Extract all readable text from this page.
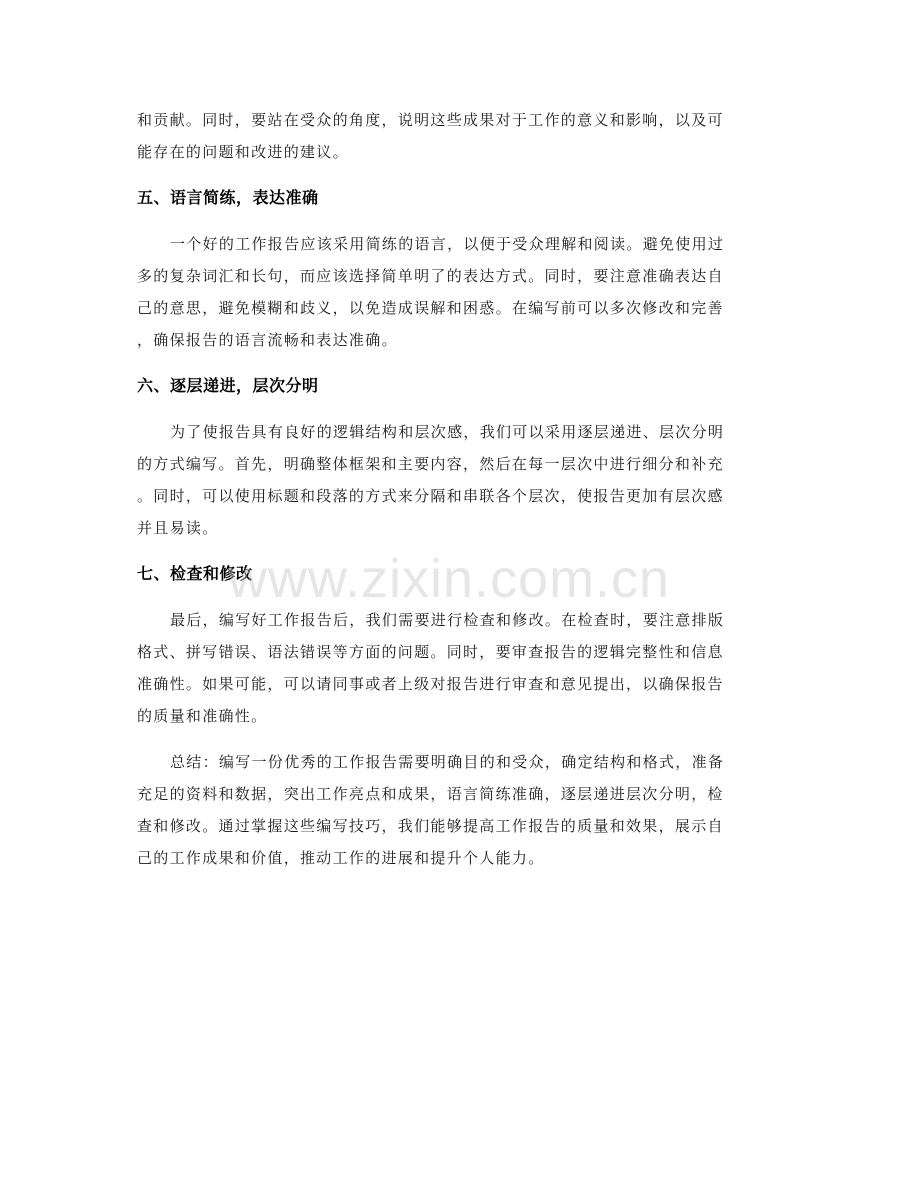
和贡献。同时，要站在受众的角度，说明这些成果对于工作的意义和影响，以及可
能存在的问题和改进的建议。

五、语言简练，表达准确

一个好的工作报告应该采用简练的语言，以便于受众理解和阅读。避免使用过
多的复杂词汇和长句，而应该选择简单明了的表达方式。同时，要注意准确表达自
己的意思，避免模糊和歧义，以免造成误解和困惑。在编写前可以多次修改和完善
，确保报告的语言流畅和表达准确。

六、逐层递进，层次分明

为了使报告具有良好的逻辑结构和层次感，我们可以采用逐层递进、层次分明
的方式编写。首先，明确整体框架和主要内容，然后在每一层次中进行细分和补充
。同时，可以使用标题和段落的方式来分隔和串联各个层次，使报告更加有层次感
并且易读。

七、检查和修改

最后，编写好工作报告后，我们需要进行检查和修改。在检查时，要注意排版
格式、拼写错误、语法错误等方面的问题。同时，要审查报告的逻辑完整性和信息
准确性。如果可能，可以请同事或者上级对报告进行审查和意见提出，以确保报告
的质量和准确性。

总结：编写一份优秀的工作报告需要明确目的和受众，确定结构和格式，准备
充足的资料和数据，突出工作亮点和成果，语言简练准确，逐层递进层次分明，检
查和修改。通过掌握这些编写技巧，我们能够提高工作报告的质量和效果，展示自
己的工作成果和价值，推动工作的进展和提升个人能力。

www.zixin.com.cn
